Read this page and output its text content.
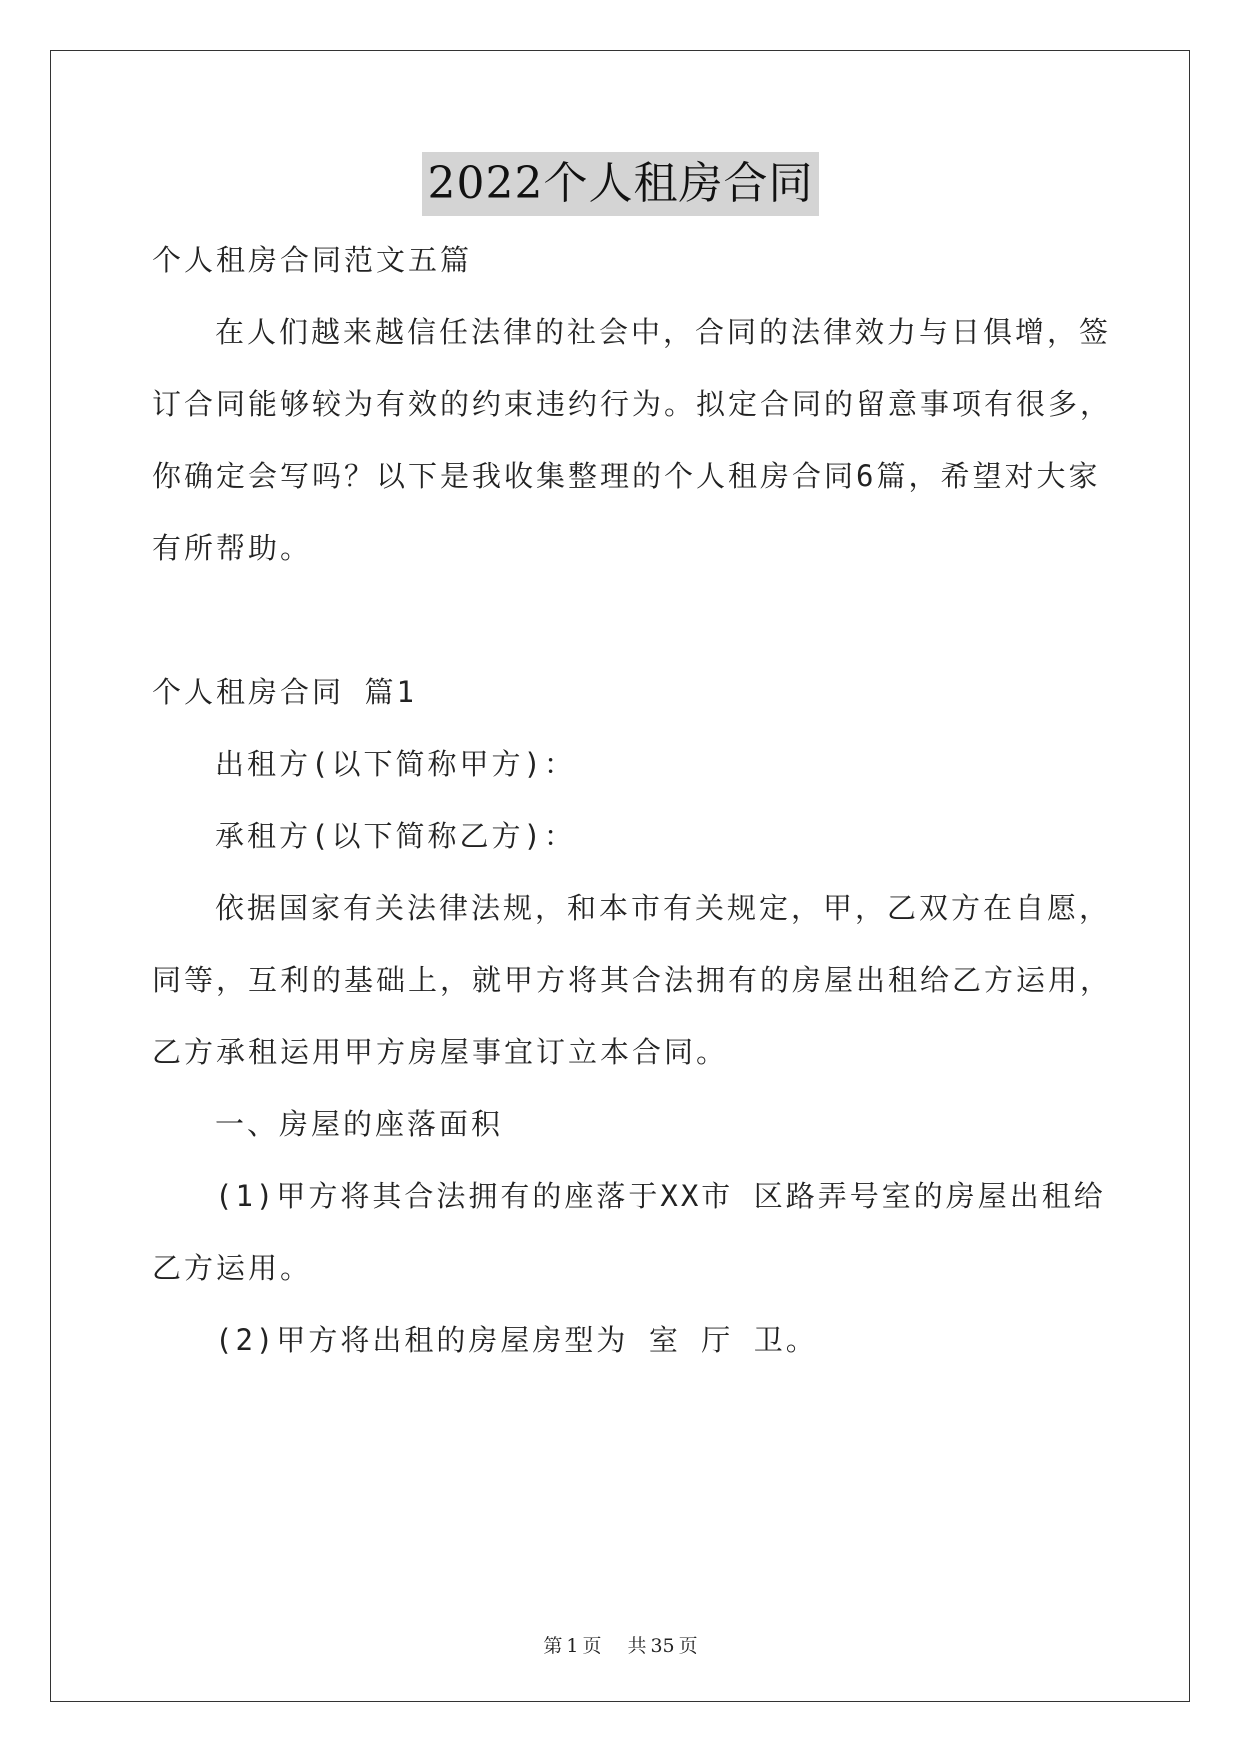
2022个人租房合同
个人租房合同范文五篇
在人们越来越信任法律的社会中，合同的法律效力与日俱增，签
订合同能够较为有效的约束违约行为。拟定合同的留意事项有很多，
你确定会写吗？以下是我收集整理的个人租房合同6篇，希望对大家
有所帮助。
个人租房合同 篇1
出租方(以下简称甲方)：
承租方(以下简称乙方)：
依据国家有关法律法规，和本市有关规定，甲，乙双方在自愿，
同等，互利的基础上，就甲方将其合法拥有的房屋出租给乙方运用，
乙方承租运用甲方房屋事宜订立本合同。
一、房屋的座落面积
(1)甲方将其合法拥有的座落于XX市 区路弄号室的房屋出租给
乙方运用。
(2)甲方将出租的房屋房型为 室 厅 卫。
第 1 页 共 35 页
